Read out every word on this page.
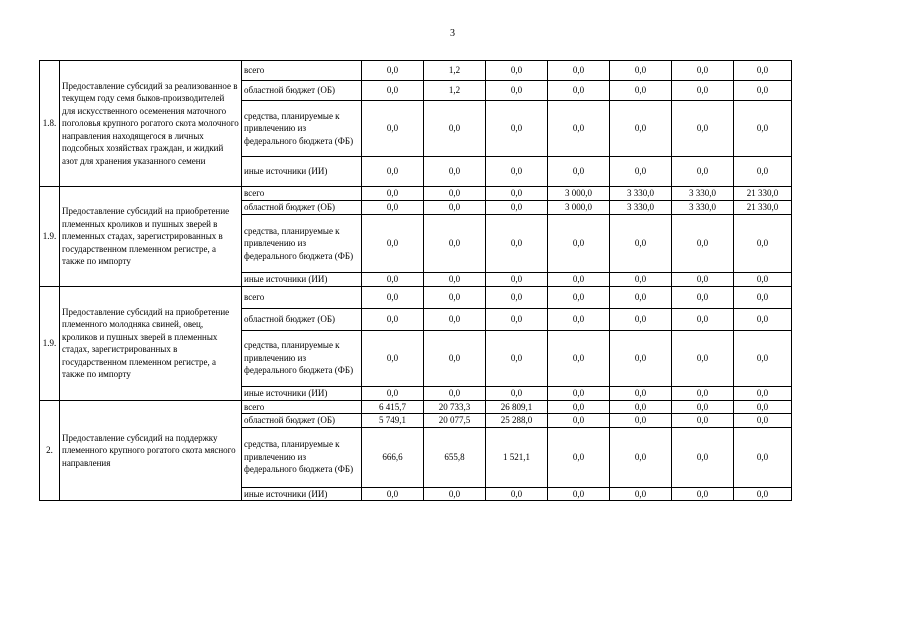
3
1.8.	Предоставление субсидий за реализованное в текущем году семя быков-производителей для искусственного осеменения маточного поголовья крупного рогатого скота молочного направления находящегося в личных подсобных хозяйствах граждан, и жидкий азот для хранения указанного семени	всего	0,0	1,2	0,0	0,0	0,0	0,0	0,0
		областной бюджет (ОБ)	0,0	1,2	0,0	0,0	0,0	0,0	0,0
		средства, планируемые к привлечению из федерального бюджета (ФБ)	0,0	0,0	0,0	0,0	0,0	0,0	0,0
		иные источники (ИИ)	0,0	0,0	0,0	0,0	0,0	0,0	0,0
1.9.	Предоставление субсидий на приобретение племенных кроликов и пушных зверей в племенных стадах, зарегистрированных в государственном племенном регистре, а также по импорту	всего	0,0	0,0	0,0	3 000,0	3 330,0	3 330,0	21 330,0
		областной бюджет (ОБ)	0,0	0,0	0,0	3 000,0	3 330,0	3 330,0	21 330,0
		средства, планируемые к привлечению из федерального бюджета (ФБ)	0,0	0,0	0,0	0,0	0,0	0,0	0,0
		иные источники (ИИ)	0,0	0,0	0,0	0,0	0,0	0,0	0,0
1.9.	Предоставление субсидий на приобретение племенного молодняка свиней, овец, кроликов и пушных зверей в племенных стадах, зарегистрированных в государственном племенном регистре, а также по импорту	всего	0,0	0,0	0,0	0,0	0,0	0,0	0,0
		областной бюджет (ОБ)	0,0	0,0	0,0	0,0	0,0	0,0	0,0
		средства, планируемые к привлечению из федерального бюджета (ФБ)	0,0	0,0	0,0	0,0	0,0	0,0	0,0
		иные источники (ИИ)	0,0	0,0	0,0	0,0	0,0	0,0	0,0
2.	Предоставление субсидий на поддержку племенного крупного рогатого скота мясного направления	всего	6 415,7	20 733,3	26 809,1	0,0	0,0	0,0	0,0
		областной бюджет (ОБ)	5 749,1	20 077,5	25 288,0	0,0	0,0	0,0	0,0
		средства, планируемые к привлечению из федерального бюджета (ФБ)	666,6	655,8	1 521,1	0,0	0,0	0,0	0,0
		иные источники (ИИ)	0,0	0,0	0,0	0,0	0,0	0,0	0,0
